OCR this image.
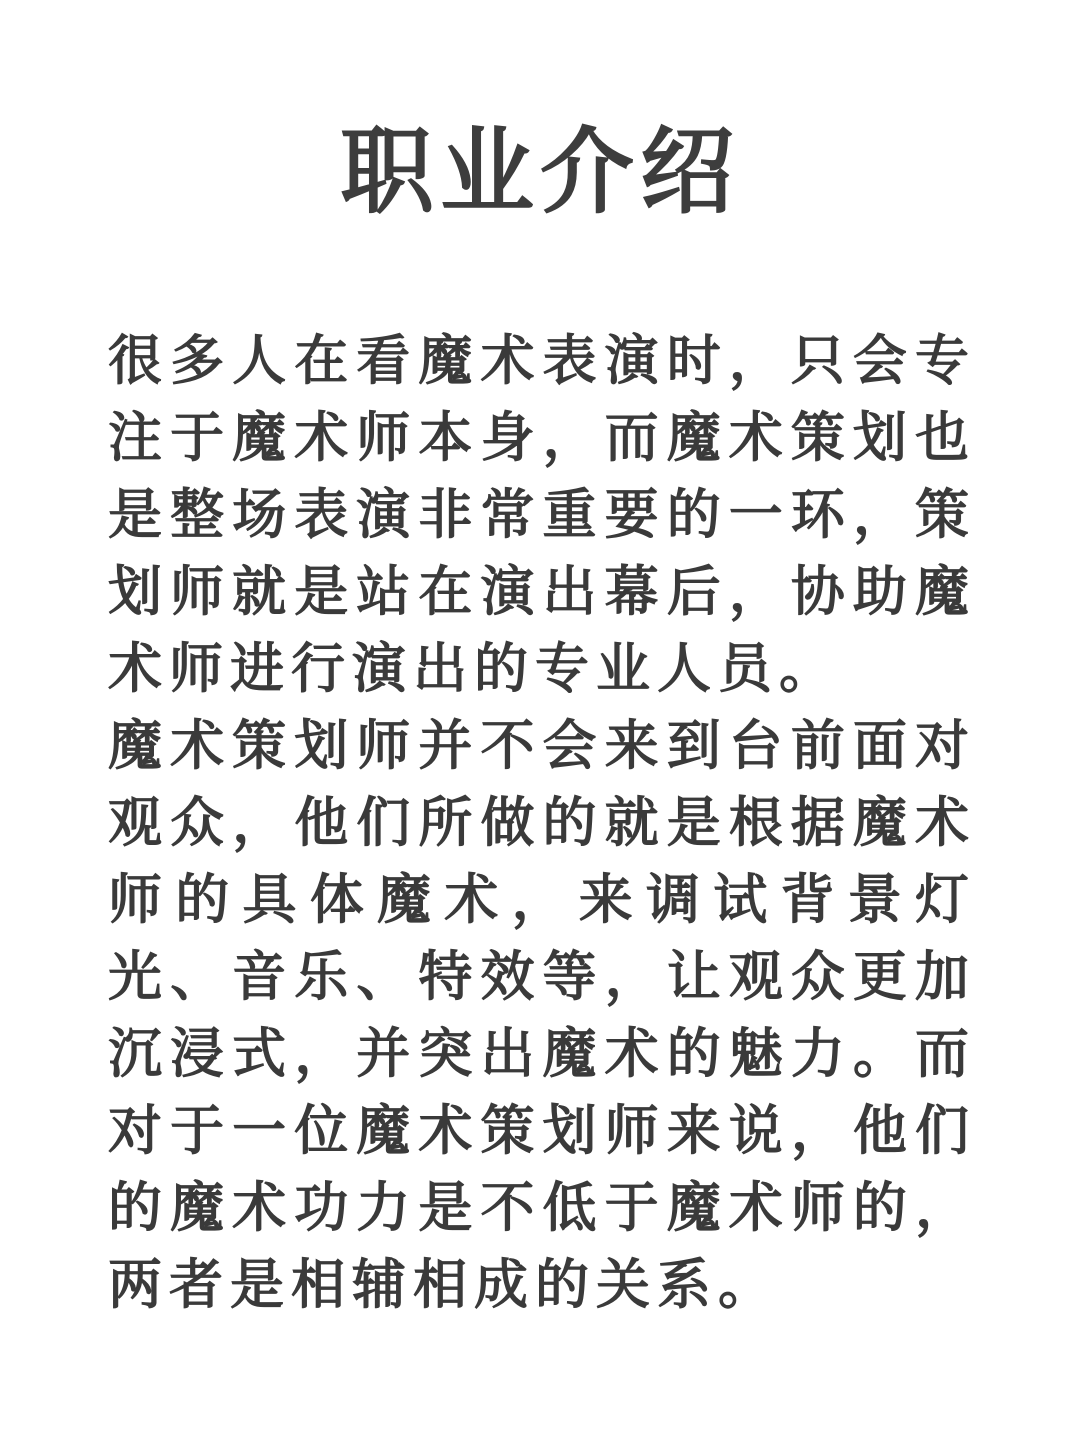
职业介绍

很多人在看魔术表演时，只会专注于魔术师本身，而魔术策划也是整场表演非常重要的一环，策划师就是站在演出幕后，协助魔术师进行演出的专业人员。

魔术策划师并不会来到台前面对观众，他们所做的就是根据魔术师的具体魔术，来调试背景灯光、音乐、特效等，让观众更加沉浸式，并突出魔术的魅力。而对于一位魔术策划师来说，他们的魔术功力是不低于魔术师的，两者是相辅相成的关系。
